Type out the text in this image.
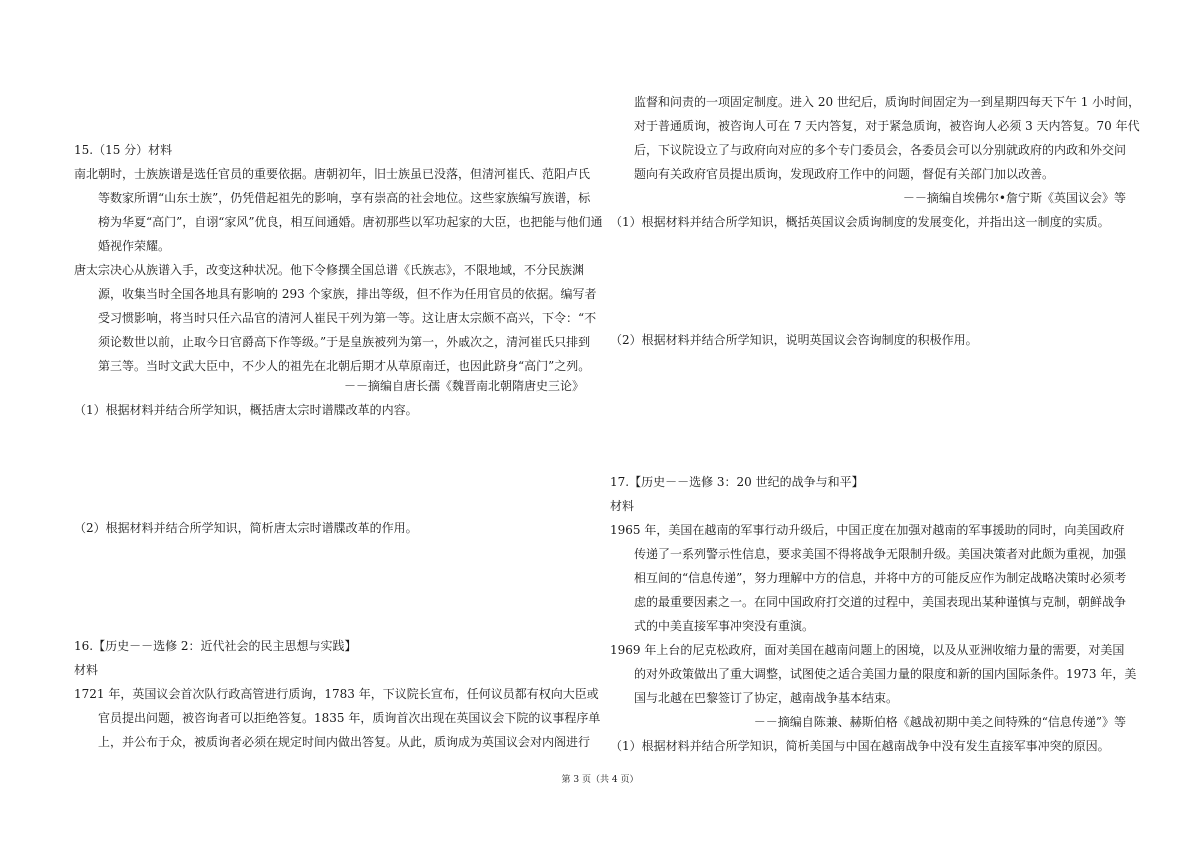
15.（15 分）材料
南北朝时，士族族谱是选任官员的重要依据。唐朝初年，旧士族虽已没落，但清河崔氏、范阳卢氏
等数家所谓“山东士族”，仍凭借起祖先的影响，享有崇高的社会地位。这些家族编写族谱，标
榜为华夏“高门”，自诩“家风”优良，相互间通婚。唐初那些以军功起家的大臣，也把能与他们通
婚视作荣耀。
唐太宗决心从族谱入手，改变这种状况。他下令修撰全国总谱《氏族志》，不限地域，不分民族渊
源，收集当时全国各地具有影响的 293 个家族，排出等级，但不作为任用官员的依据。编写者
受习惯影响，将当时只任六品官的清河人崔民干列为第一等。这让唐太宗颇不高兴，下令：“不
须论数世以前，止取今日官爵高下作等级。”于是皇族被列为第一，外戚次之，清河崔氏只排到
第三等。当时文武大臣中，不少人的祖先在北朝后期才从草原南迁，也因此跻身“高门”之列。
－－摘编自唐长孺《魏晋南北朝隋唐史三论》
（1）根据材料并结合所学知识，概括唐太宗时谱牒改革的内容。
（2）根据材料并结合所学知识，简析唐太宗时谱牒改革的作用。
16.【历史－－选修 2：近代社会的民主思想与实践】
材料
1721 年，英国议会首次队行政高管进行质询，1783 年，下议院长宣布，任何议员都有权向大臣或
官员提出问题，被咨询者可以拒绝答复。1835 年，质询首次出现在英国议会下院的议事程序单
上，并公布于众，被质询者必须在规定时间内做出答复。从此，质询成为英国议会对内阁进行
监督和问责的一项固定制度。进入 20 世纪后，质询时间固定为一到星期四每天下午 1 小时间，
对于普通质询，被咨询人可在 7 天内答复，对于紧急质询，被咨询人必须 3 天内答复。70 年代
后，下议院设立了与政府向对应的多个专门委员会，各委员会可以分别就政府的内政和外交问
题向有关政府官员提出质询，发现政府工作中的问题，督促有关部门加以改善。
－－摘编自埃佛尔•詹宁斯《英国议会》等
（1）根据材料并结合所学知识，概括英国议会质询制度的发展变化，并指出这一制度的实质。
（2）根据材料并结合所学知识，说明英国议会咨询制度的积极作用。
17.【历史－－选修 3：20 世纪的战争与和平】
材料
1965 年，美国在越南的军事行动升级后，中国正度在加强对越南的军事援助的同时，向美国政府
传递了一系列警示性信息，要求美国不得将战争无限制升级。美国决策者对此颇为重视，加强
相互间的“信息传递”，努力理解中方的信息，并将中方的可能反应作为制定战略决策时必须考
虑的最重要因素之一。在同中国政府打交道的过程中，美国表现出某种谨慎与克制，朝鲜战争
式的中美直接军事冲突没有重演。
1969 年上台的尼克松政府，面对美国在越南问题上的困境，以及从亚洲收缩力量的需要，对美国
的对外政策做出了重大调整，试图使之适合美国力量的限度和新的国内国际条件。1973 年，美
国与北越在巴黎签订了协定，越南战争基本结束。
－－摘编自陈兼、赫斯伯格《越战初期中美之间特殊的“信息传递”》等
（1）根据材料并结合所学知识，简析美国与中国在越南战争中没有发生直接军事冲突的原因。
第 3 页（共 4 页）
